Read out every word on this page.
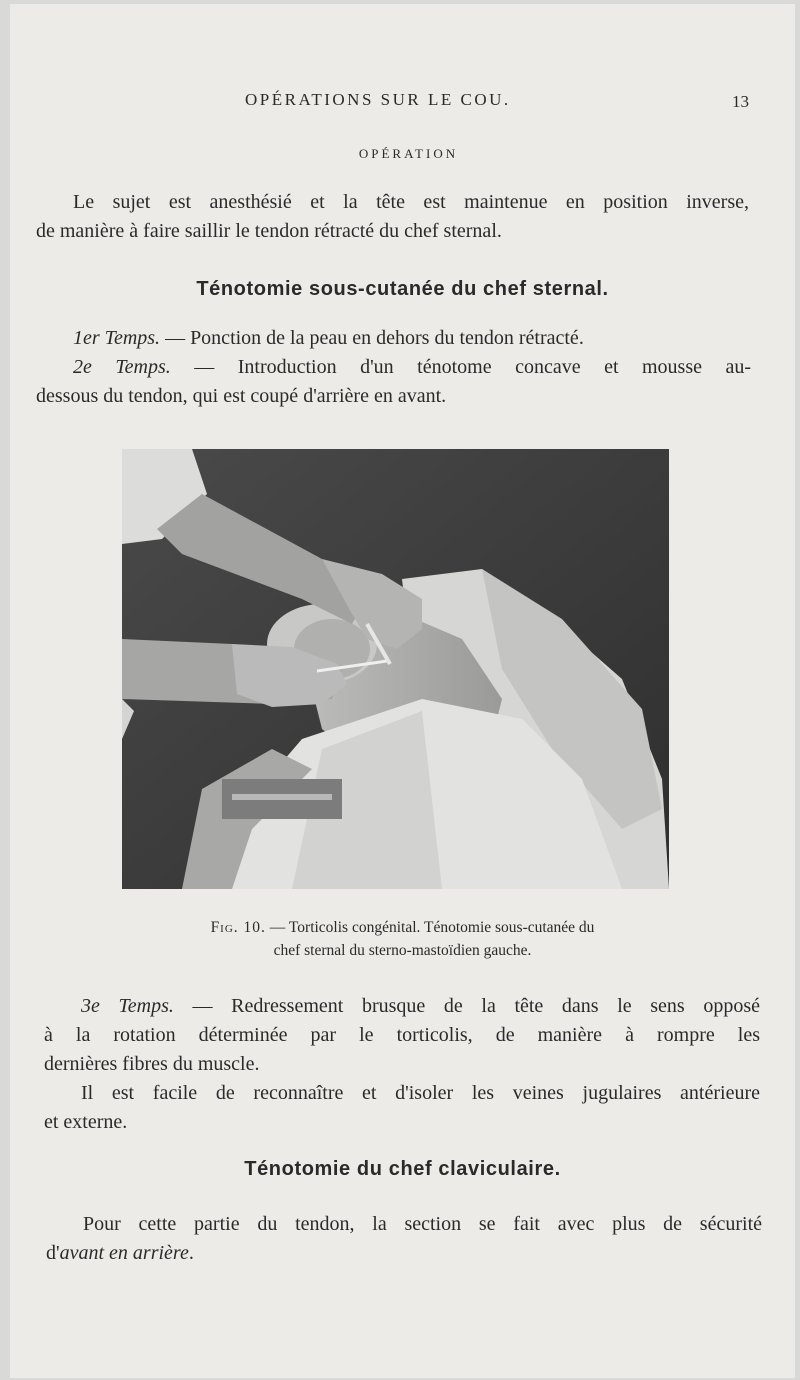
OPÉRATIONS SUR LE COU.	13
OPÉRATION

Le sujet est anesthésié et la tête est maintenue en position inverse,
de manière à faire saillir le tendon rétracté du chef sternal.

Ténotomie sous-cutanée du chef sternal.

1er Temps. — Ponction de la peau en dehors du tendon rétracté.

2e Temps. — Introduction d'un ténotome concave et mousse au-
dessous du tendon, qui est coupé d'arrière en avant.

Fig. 10. — Torticolis congénital. Ténotomie sous-cutanée du
chef sternal du sterno-mastoïdien gauche.

3e Temps. — Redressement brusque de la tête dans le sens opposé
à la rotation déterminée par le torticolis, de manière à rompre les
dernières fibres du muscle.

Il est facile de reconnaître et d'isoler les veines jugulaires antérieure
et externe.

Ténotomie du chef claviculaire.

Pour cette partie du tendon, la section se fait avec plus de sécurité
d'avant en arrière.
